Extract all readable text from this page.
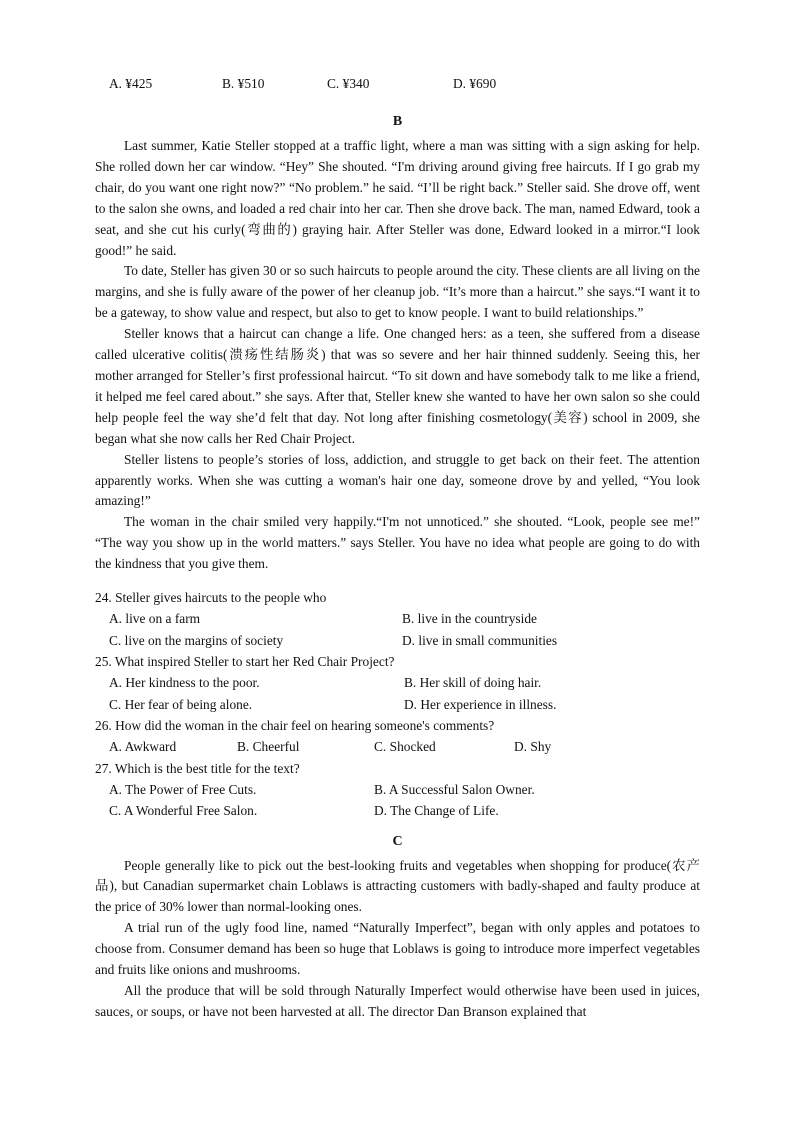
A. ¥425	B. ¥510	C. ¥340	D. ¥690
B

Last summer, Katie Steller stopped at a traffic light, where a man was sitting with a sign asking for help. She rolled down her car window. “Hey” She shouted. “I'm driving around giving free haircuts. If I go grab my chair, do you want one right now?” “No problem.” he said. “I’ll be right back.” Steller said. She drove off, went to the salon she owns, and loaded a red chair into her car. Then she drove back. The man, named Edward, took a seat, and she cut his curly(弯曲的) graying hair. After Steller was done, Edward looked in a mirror.“I look good!” he said.

To date, Steller has given 30 or so such haircuts to people around the city. These clients are all living on the margins, and she is fully aware of the power of her cleanup job. “It’s more than a haircut.” she says.“I want it to be a gateway, to show value and respect, but also to get to know people. I want to build relationships.”

Steller knows that a haircut can change a life. One changed hers: as a teen, she suffered from a disease called ulcerative colitis(溃疡性结肠炎) that was so severe and her hair thinned suddenly. Seeing this, her mother arranged for Steller’s first professional haircut. “To sit down and have somebody talk to me like a friend, it helped me feel cared about.” she says. After that, Steller knew she wanted to have her own salon so she could help people feel the way she’d felt that day. Not long after finishing cosmetology(美容) school in 2009, she began what she now calls her Red Chair Project.

Steller listens to people’s stories of loss, addiction, and struggle to get back on their feet. The attention apparently works. When she was cutting a woman's hair one day, someone drove by and yelled, “You look amazing!”

The woman in the chair smiled very happily.“I'm not unnoticed.” she shouted. “Look, people see me!” “The way you show up in the world matters.” says Steller. You have no idea what people are going to do with the kindness that you give them.

24. Steller gives haircuts to the people who

A. live on a farm	B. live in the countryside
C. live on the margins of society	D. live in small communities

25. What inspired Steller to start her Red Chair Project?

A. Her kindness to the poor.	B. Her skill of doing hair.
C. Her fear of being alone.	D. Her experience in illness.

26. How did the woman in the chair feel on hearing someone's comments?

A. Awkward	B. Cheerful	C. Shocked	D. Shy

27. Which is the best title for the text?

A. The Power of Free Cuts.	B. A Successful Salon Owner.
C. A Wonderful Free Salon.	D. The Change of Life.
C

People generally like to pick out the best-looking fruits and vegetables when shopping for produce(农产品), but Canadian supermarket chain Loblaws is attracting customers with badly-shaped and faulty produce at the price of 30% lower than normal-looking ones.

A trial run of the ugly food line, named “Naturally Imperfect”, began with only apples and potatoes to choose from. Consumer demand has been so huge that Loblaws is going to introduce more imperfect vegetables and fruits like onions and mushrooms.

All the produce that will be sold through Naturally Imperfect would otherwise have been used in juices, sauces, or soups, or have not been harvested at all. The director Dan Branson explained that
